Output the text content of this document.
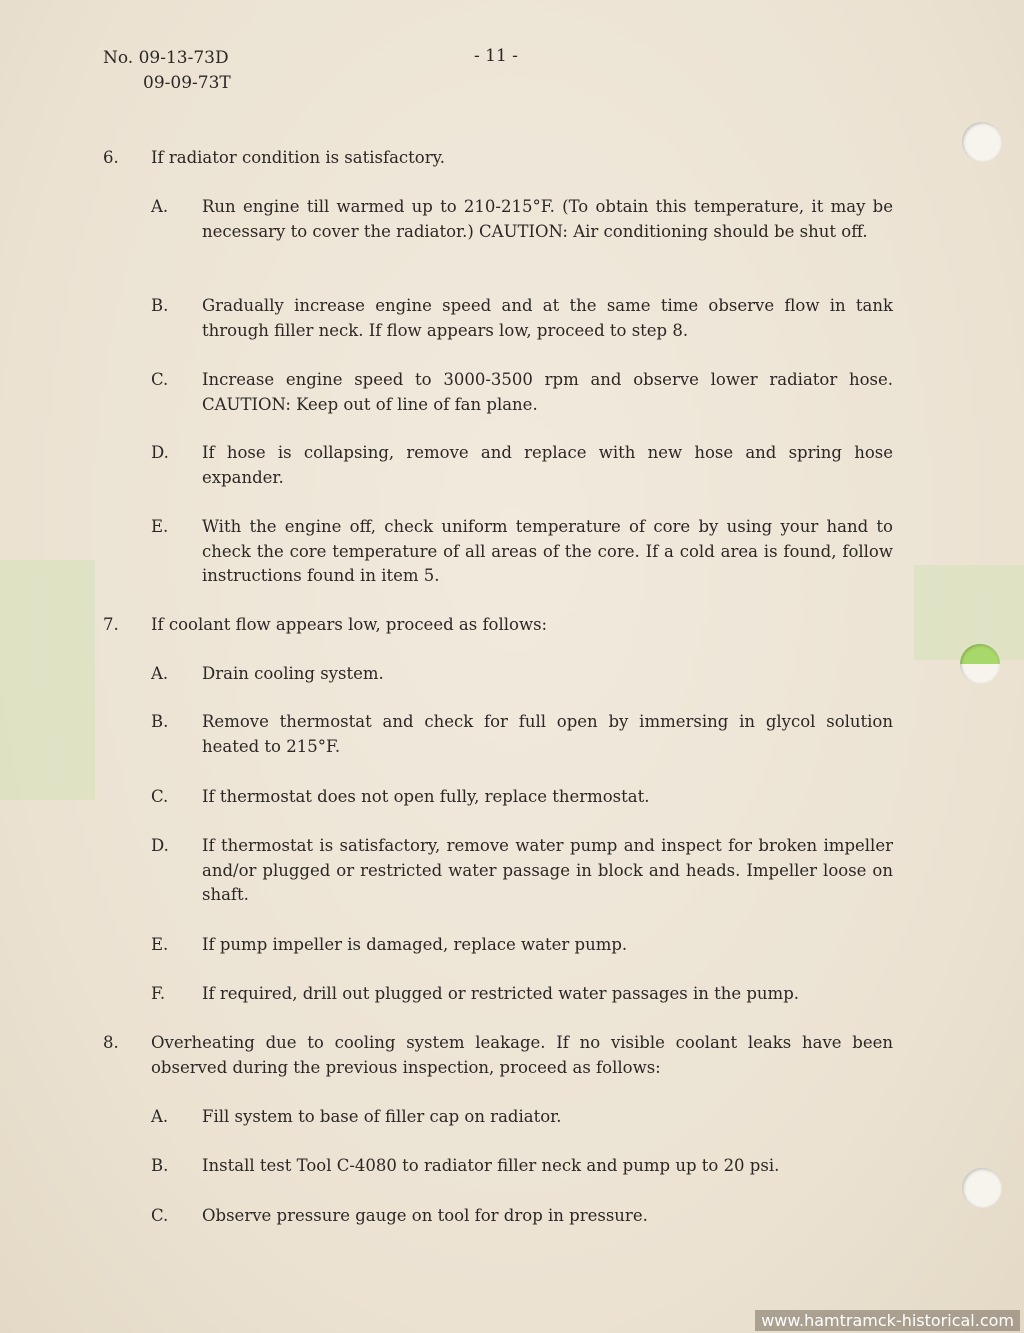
No. 09-13-73D
09-09-73T
- 11 -
6. If radiator condition is satisfactory.
A. Run engine till warmed up to 210-215°F. (To obtain this temperature, it may be necessary to cover the radiator.) CAUTION: Air conditioning should be shut off.
B. Gradually increase engine speed and at the same time observe flow in tank through filler neck. If flow appears low, proceed to step 8.
C. Increase engine speed to 3000-3500 rpm and observe lower radiator hose. CAUTION: Keep out of line of fan plane.
D. If hose is collapsing, remove and replace with new hose and spring hose expander.
E. With the engine off, check uniform temperature of core by using your hand to check the core temperature of all areas of the core. If a cold area is found, follow instructions found in item 5.
7. If coolant flow appears low, proceed as follows:
A. Drain cooling system.
B. Remove thermostat and check for full open by immersing in glycol solution heated to 215°F.
C. If thermostat does not open fully, replace thermostat.
D. If thermostat is satisfactory, remove water pump and inspect for broken impeller and/or plugged or restricted water passage in block and heads. Impeller loose on shaft.
E. If pump impeller is damaged, replace water pump.
F. If required, drill out plugged or restricted water passages in the pump.
8. Overheating due to cooling system leakage. If no visible coolant leaks have been observed during the previous inspection, proceed as follows:
A. Fill system to base of filler cap on radiator.
B. Install test Tool C-4080 to radiator filler neck and pump up to 20 psi.
C. Observe pressure gauge on tool for drop in pressure.
www.hamtramck-historical.com
